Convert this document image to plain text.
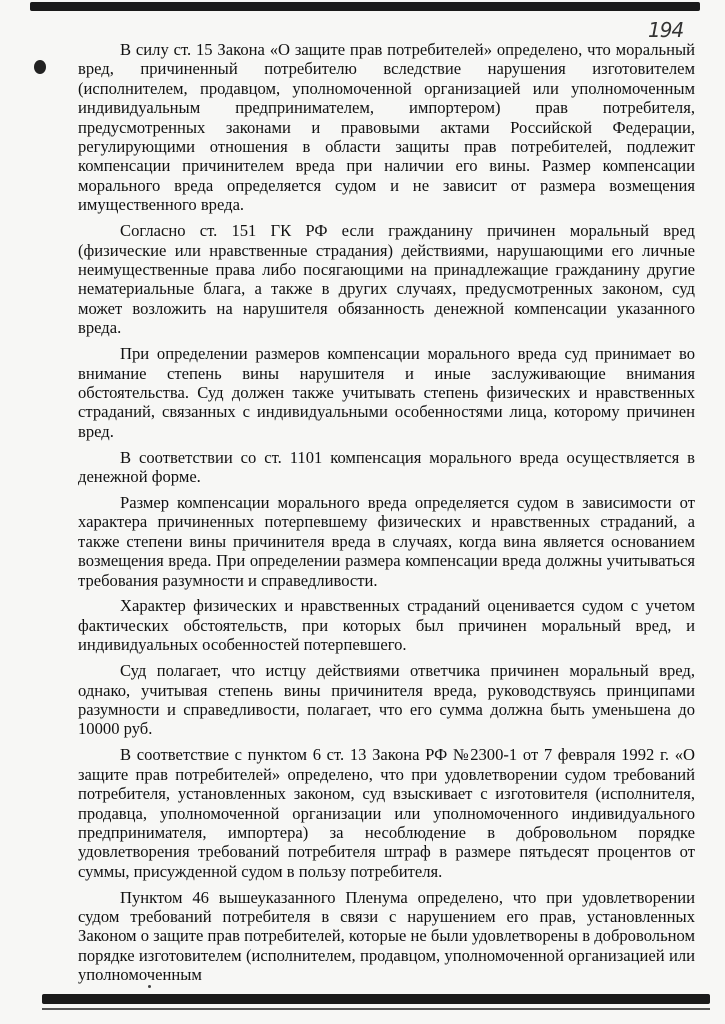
194

В силу ст. 15 Закона «О защите прав потребителей» определено, что моральный вред, причиненный потребителю вследствие нарушения изготовителем (исполнителем, продавцом, уполномоченной организацией или уполномоченным индивидуальным предпринимателем, импортером) прав потребителя, предусмотренных законами и правовыми актами Российской Федерации, регулирующими отношения в области защиты прав потребителей, подлежит компенсации причинителем вреда при наличии его вины. Размер компенсации морального вреда определяется судом и не зависит от размера возмещения имущественного вреда.

Согласно ст. 151 ГК РФ если гражданину причинен моральный вред (физические или нравственные страдания) действиями, нарушающими его личные неимущественные права либо посягающими на принадлежащие гражданину другие нематериальные блага, а также в других случаях, предусмотренных законом, суд может возложить на нарушителя обязанность денежной компенсации указанного вреда.

При определении размеров компенсации морального вреда суд принимает во внимание степень вины нарушителя и иные заслуживающие внимания обстоятельства. Суд должен также учитывать степень физических и нравственных страданий, связанных с индивидуальными особенностями лица, которому причинен вред.

В соответствии со ст. 1101 компенсация морального вреда осуществляется в денежной форме.

Размер компенсации морального вреда определяется судом в зависимости от характера причиненных потерпевшему физических и нравственных страданий, а также степени вины причинителя вреда в случаях, когда вина является основанием возмещения вреда. При определении размера компенсации вреда должны учитываться требования разумности и справедливости.

Характер физических и нравственных страданий оценивается судом с учетом фактических обстоятельств, при которых был причинен моральный вред, и индивидуальных особенностей потерпевшего.

Суд полагает, что истцу действиями ответчика причинен моральный вред, однако, учитывая степень вины причинителя вреда, руководствуясь принципами разумности и справедливости, полагает, что его сумма должна быть уменьшена до 10000 руб.

В соответствие с пунктом 6 ст. 13 Закона РФ №2300-1 от 7 февраля 1992 г. «О защите прав потребителей» определено, что при удовлетворении судом требований потребителя, установленных законом, суд взыскивает с изготовителя (исполнителя, продавца, уполномоченной организации или уполномоченного индивидуального предпринимателя, импортера) за несоблюдение в добровольном порядке удовлетворения требований потребителя штраф в размере пятьдесят процентов от суммы, присужденной судом в пользу потребителя.

Пунктом 46 вышеуказанного Пленума определено, что при удовлетворении судом требований потребителя в связи с нарушением его прав, установленных Законом о защите прав потребителей, которые не были удовлетворены в добровольном порядке изготовителем (исполнителем, продавцом, уполномоченной организацией или уполномоченным
